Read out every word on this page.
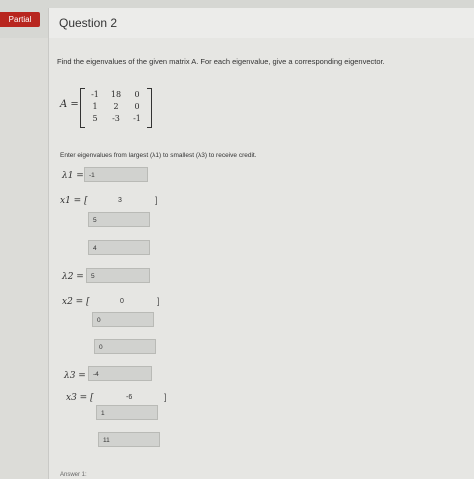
Partial	Question 2
Find the eigenvalues of the given matrix A. For each eigenvalue, give a corresponding eigenvector.
A =
-1	18	0
1	2	0
5	-3	-1
Enter eigenvalues from largest (λ1) to smallest (λ3) to receive credit.
λ1 = -1
x1 = [	3	]
5
4
λ2 =	5
x2 = [	0	]
0
0
λ3 =	-4
x3 = [	-6	]
1
11
Answer 1:
